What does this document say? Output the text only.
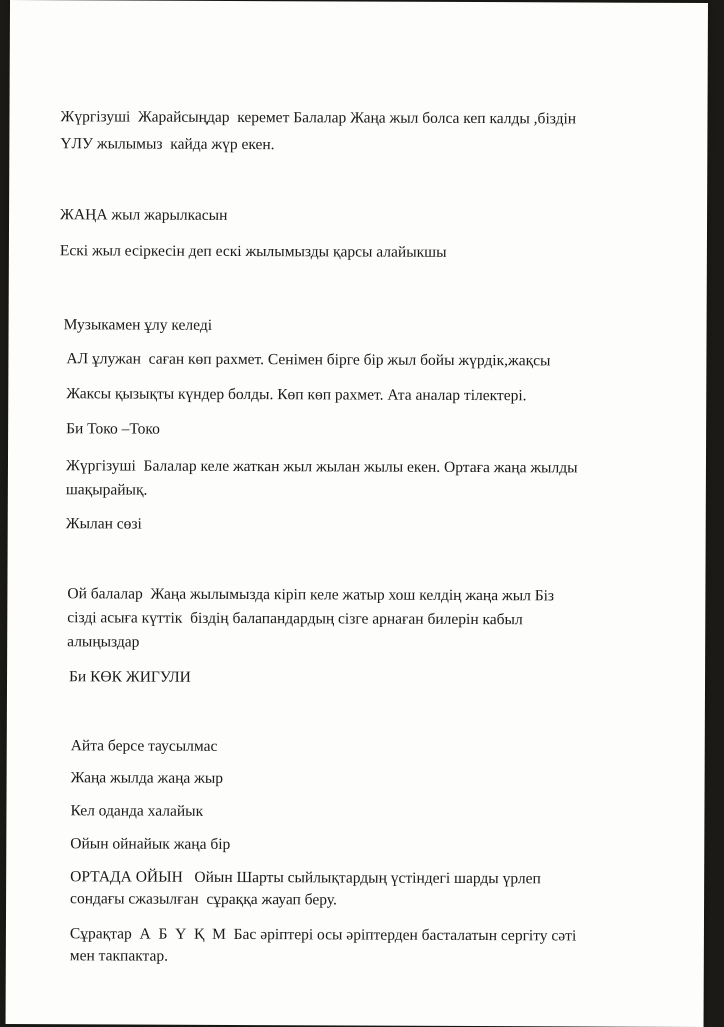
Жүргізуші  Жарайсыңдар  керемет Балалар Жаңа жыл болса кеп калды ,біздін

ҮЛУ жылымыз  кайда жүр екен.

ЖАҢА жыл жарылкасын

Ескі жыл есіркесін деп ескі жылымызды қарсы алайыкшы

Музыкамен ұлу келеді

АЛ ұлужан  саған көп рахмет. Сенімен бірге бір жыл бойы жүрдік,жақсы

Жаксы қызықты күндер болды. Көп көп рахмет. Ата аналар тілектері.

Би Токо –Токо

Жүргізуші  Балалар келе жаткан жыл жылан жылы екен. Ортаға жаңа жылды

шақырайық.

Жылан сөзі

Ой балалар  Жаңа жылымызда кіріп келе жатыр хош келдің жаңа жыл Біз

сізді асыға күттік  біздің балапандардың сізге арнаған билерін кабыл

алыңыздар

Би КӨК ЖИГУЛИ

Айта берсе таусылмас

Жаңа жылда жаңа жыр

Кел оданда халайык

Ойын ойнайык жаңа бір

ОРТАДА ОЙЫН   Ойын Шарты сыйлықтардың үстіндегі шарды үрлеп

сондағы сжазылған  сұраққа жауап беру.

Сұрақтар  А  Б  Ү  Қ  М  Бас әріптері осы әріптерден басталатын сергіту сәті

мен такпактар.
